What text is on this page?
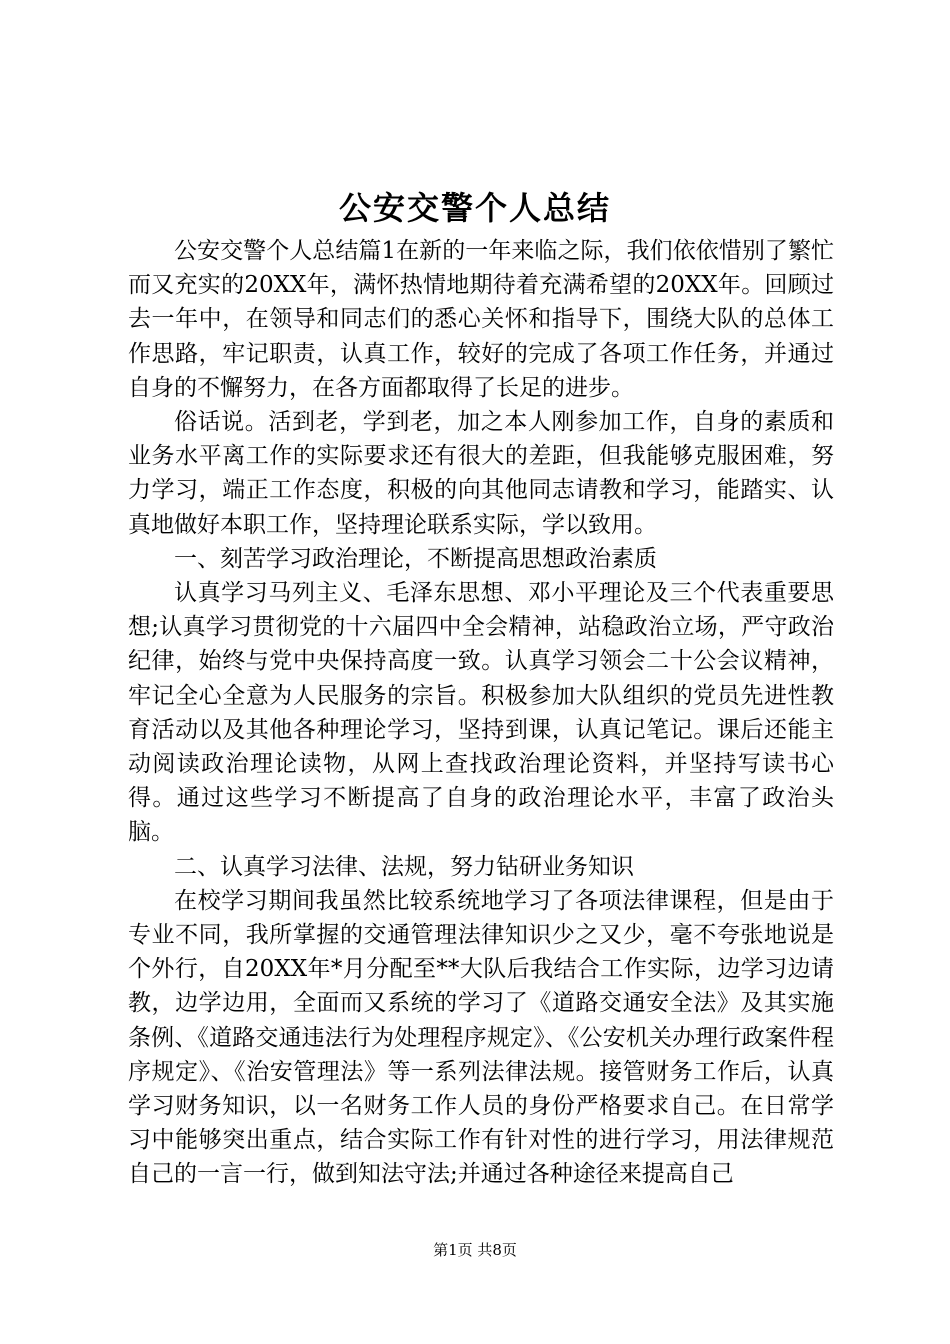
公安交警个人总结

公安交警个人总结篇1在新的一年来临之际，我们依依惜别了繁忙而又充实的20XX年，满怀热情地期待着充满希望的20XX年。回顾过去一年中，在领导和同志们的悉心关怀和指导下，围绕大队的总体工作思路，牢记职责，认真工作，较好的完成了各项工作任务，并通过自身的不懈努力，在各方面都取得了长足的进步。

俗话说。活到老，学到老，加之本人刚参加工作，自身的素质和业务水平离工作的实际要求还有很大的差距，但我能够克服困难，努力学习，端正工作态度，积极的向其他同志请教和学习，能踏实、认真地做好本职工作，坚持理论联系实际，学以致用。

一、刻苦学习政治理论，不断提高思想政治素质

认真学习马列主义、毛泽东思想、邓小平理论及三个代表重要思想;认真学习贯彻党的十六届四中全会精神，站稳政治立场，严守政治纪律，始终与党中央保持高度一致。认真学习领会二十公会议精神，牢记全心全意为人民服务的宗旨。积极参加大队组织的党员先进性教育活动以及其他各种理论学习，坚持到课，认真记笔记。课后还能主动阅读政治理论读物，从网上查找政治理论资料，并坚持写读书心得。通过这些学习不断提高了自身的政治理论水平，丰富了政治头脑。

二、认真学习法律、法规，努力钻研业务知识

在校学习期间我虽然比较系统地学习了各项法律课程，但是由于专业不同，我所掌握的交通管理法律知识少之又少，毫不夸张地说是个外行，自20XX年*月分配至**大队后我结合工作实际，边学习边请教，边学边用，全面而又系统的学习了《道路交通安全法》及其实施条例、《道路交通违法行为处理程序规定》、《公安机关办理行政案件程序规定》、《治安管理法》等一系列法律法规。接管财务工作后，认真学习财务知识，以一名财务工作人员的身份严格要求自己。在日常学习中能够突出重点，结合实际工作有针对性的进行学习，用法律规范自己的一言一行，做到知法守法;并通过各种途径来提高自己

第1页 共8页
